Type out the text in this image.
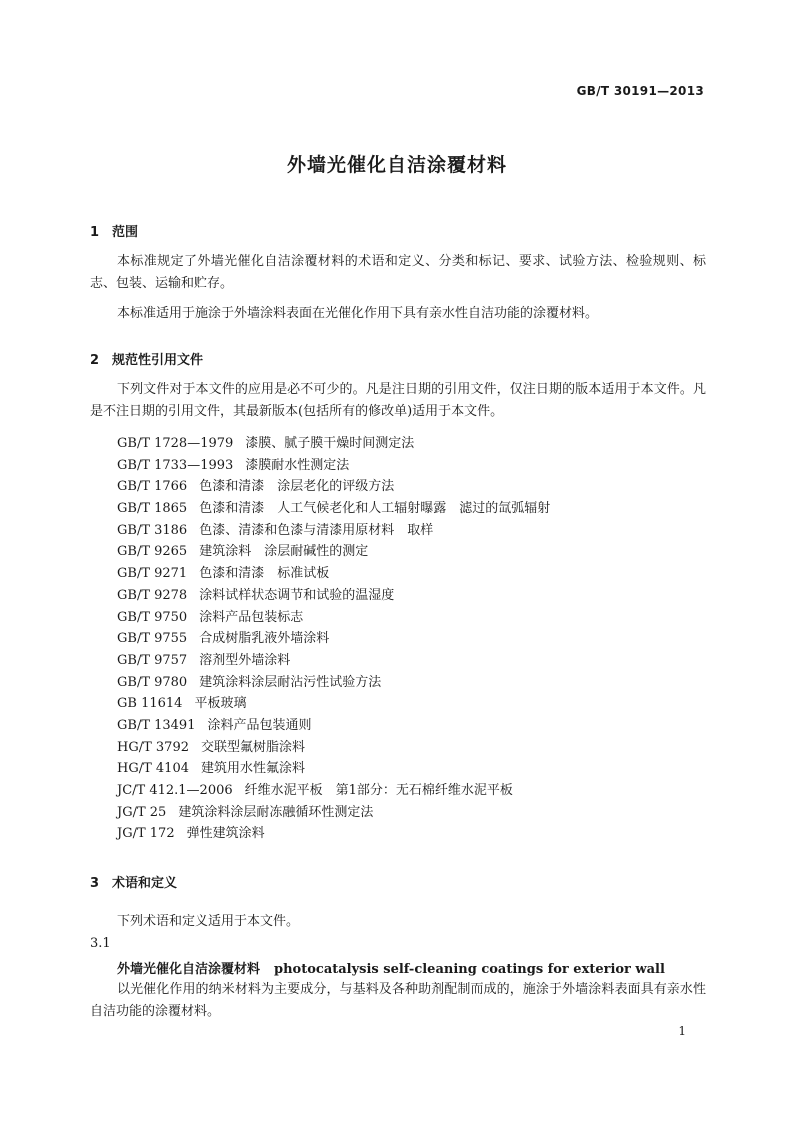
GB/T 30191—2013
外墙光催化自洁涂覆材料
1 范围

本标准规定了外墙光催化自洁涂覆材料的术语和定义、分类和标记、要求、试验方法、检验规则、标志、包装、运输和贮存。

本标准适用于施涂于外墙涂料表面在光催化作用下具有亲水性自洁功能的涂覆材料。

2 规范性引用文件

下列文件对于本文件的应用是必不可少的。凡是注日期的引用文件，仅注日期的版本适用于本文件。凡是不注日期的引用文件，其最新版本(包括所有的修改单)适用于本文件。

GB/T 1728—1979 漆膜、腻子膜干燥时间测定法
GB/T 1733—1993 漆膜耐水性测定法
GB/T 1766 色漆和清漆　涂层老化的评级方法
GB/T 1865 色漆和清漆　人工气候老化和人工辐射曝露　滤过的氙弧辐射
GB/T 3186 色漆、清漆和色漆与清漆用原材料　取样
GB/T 9265 建筑涂料　涂层耐碱性的测定
GB/T 9271 色漆和清漆　标准试板
GB/T 9278 涂料试样状态调节和试验的温湿度
GB/T 9750 涂料产品包装标志
GB/T 9755 合成树脂乳液外墙涂料
GB/T 9757 溶剂型外墙涂料
GB/T 9780 建筑涂料涂层耐沾污性试验方法
GB 11614 平板玻璃
GB/T 13491 涂料产品包装通则
HG/T 3792 交联型氟树脂涂料
HG/T 4104 建筑用水性氟涂料
JC/T 412.1—2006 纤维水泥平板　第1部分：无石棉纤维水泥平板
JG/T 25 建筑涂料涂层耐冻融循环性测定法
JG/T 172 弹性建筑涂料
3 术语和定义

下列术语和定义适用于本文件。

3.1
外墙光催化自洁涂覆材料 photocatalysis self-cleaning coatings for exterior wall

以光催化作用的纳米材料为主要成分，与基料及各种助剂配制而成的，施涂于外墙涂料表面具有亲水性自洁功能的涂覆材料。

1
